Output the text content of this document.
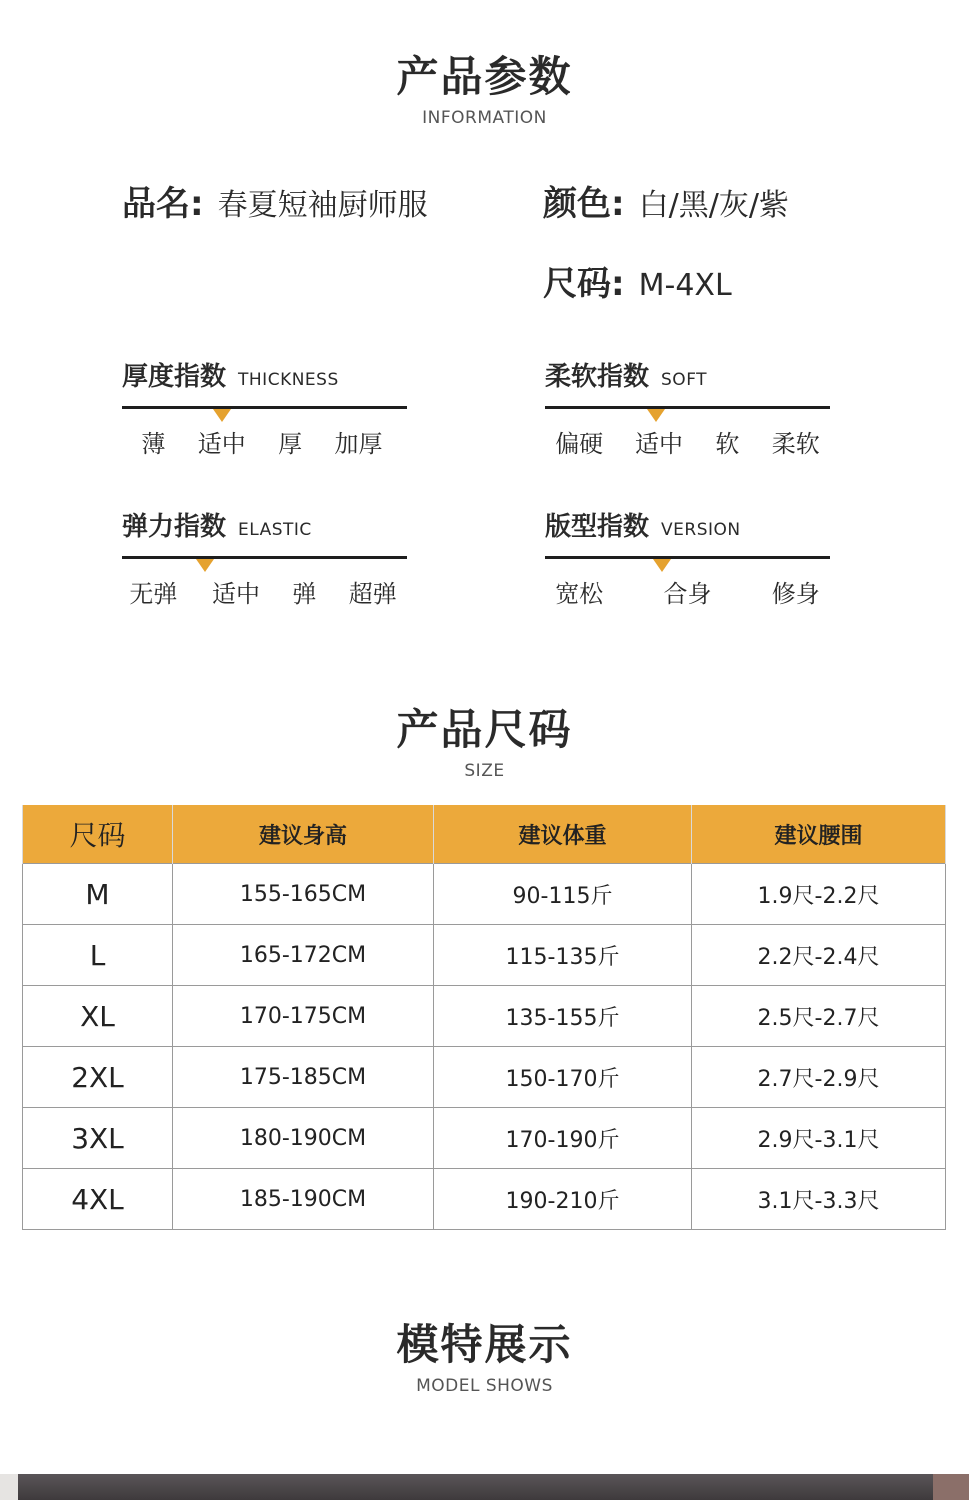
产品参数
INFORMATION
品名: 春夏短袖厨师服	颜色: 白/黑/灰/紫
尺码: M-4XL
厚度指数 THICKNESS
薄 适中 厚 加厚
柔软指数 SOFT
偏硬 适中 软 柔软
弹力指数 ELASTIC
无弹 适中 弹 超弹
版型指数 VERSION
宽松	合身	修身
产品尺码
SIZE
尺码	建议身高	建议体重	建议腰围
M	155-165CM	90-115斤	1.9尺-2.2尺
L	165-172CM	115-135斤	2.2尺-2.4尺
XL	170-175CM	135-155斤	2.5尺-2.7尺
2XL	175-185CM	150-170斤	2.7尺-2.9尺
3XL	180-190CM	170-190斤	2.9尺-3.1尺
4XL	185-190CM	190-210斤	3.1尺-3.3尺
模特展示
MODEL SHOWS
